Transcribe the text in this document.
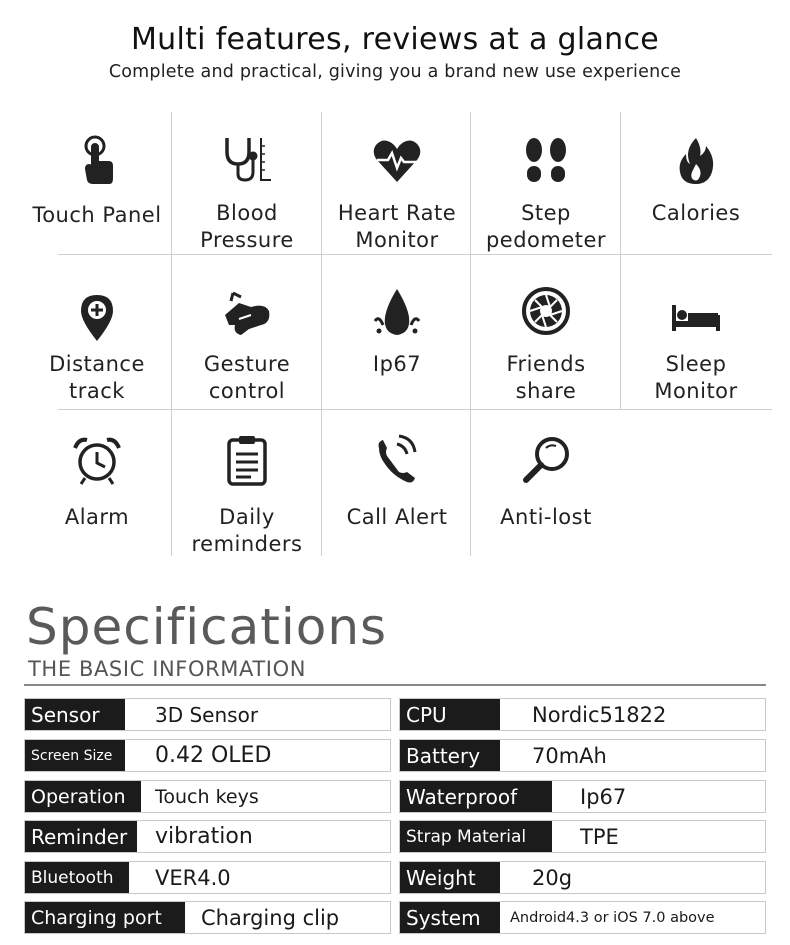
Multi features, reviews at a glance
Complete and practical, giving you a brand new use experience
Touch Panel	Blood
Pressure
Heart Rate
Monitor
Step
pedometer
Calories
Distance
track
Gesture
control
Ip67	Friends
share
Sleep
Monitor
Alarm	Daily
reminders
Call Alert	Anti-lost
Specifications
THE BASIC INFORMATION
Sensor	3D Sensor
Screen Size	0.42 OLED
Operation	Touch keys
Reminder	vibration
Bluetooth	VER4.0
Charging port	Charging clip
CPU	Nordic51822
Battery	70mAh
Waterproof	Ip67
Strap Material	TPE
Weight	20g
System	Android4.3 or iOS 7.0 above
